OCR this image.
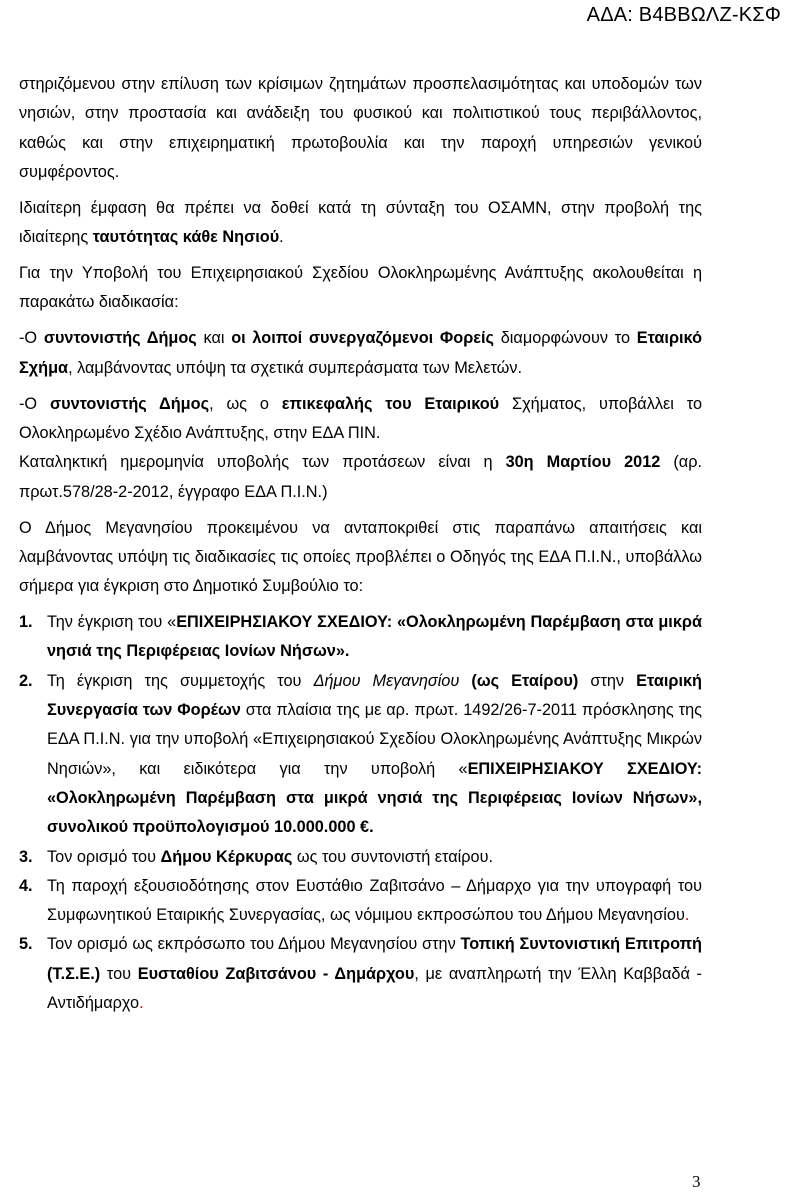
ΑΔΑ: Β4ΒΒΩΛΖ-ΚΣΦ

στηριζόμενου στην επίλυση των κρίσιμων ζητημάτων προσπελασιμότητας και υποδομών των νησιών, στην προστασία και ανάδειξη του φυσικού και πολιτιστικού τους περιβάλλοντος, καθώς και στην επιχειρηματική πρωτοβουλία και την παροχή υπηρεσιών γενικού συμφέροντος.

Ιδιαίτερη έμφαση θα πρέπει να δοθεί κατά τη σύνταξη του ΟΣΑΜΝ, στην προβολή της ιδιαίτερης ταυτότητας κάθε Νησιού.

Για την Υποβολή του Επιχειρησιακού Σχεδίου Ολοκληρωμένης Ανάπτυξης ακολουθείται η παρακάτω διαδικασία:

-Ο συντονιστής Δήμος και οι λοιποί συνεργαζόμενοι Φορείς διαμορφώνουν το Εταιρικό Σχήμα, λαμβάνοντας υπόψη τα σχετικά συμπεράσματα των Μελετών.

-Ο συντονιστής Δήμος, ως ο επικεφαλής του Εταιρικού Σχήματος, υποβάλλει το Ολοκληρωμένο Σχέδιο Ανάπτυξης, στην ΕΔΑ ΠΙΝ.

Καταληκτική ημερομηνία υποβολής των προτάσεων είναι η 30η Μαρτίου 2012 (αρ. πρωτ.578/28-2-2012, έγγραφο ΕΔΑ Π.Ι.Ν.)

Ο Δήμος Μεγανησίου προκειμένου να ανταποκριθεί στις παραπάνω απαιτήσεις και λαμβάνοντας υπόψη τις διαδικασίες τις οποίες προβλέπει ο Οδηγός της ΕΔΑ Π.Ι.Ν., υποβάλλω σήμερα για έγκριση στο Δημοτικό Συμβούλιο το:

1. Την έγκριση του «ΕΠΙΧΕΙΡΗΣΙΑΚΟΥ ΣΧΕΔΙΟΥ: «Ολοκληρωμένη Παρέμβαση στα μικρά νησιά της Περιφέρειας Ιονίων Νήσων».
2. Τη έγκριση της συμμετοχής του Δήμου Μεγανησίου (ως Εταίρου) στην Εταιρική Συνεργασία των Φορέων στα πλαίσια της με αρ. πρωτ. 1492/26-7-2011 πρόσκλησης της ΕΔΑ Π.Ι.Ν. για την υποβολή «Επιχειρησιακού Σχεδίου Ολοκληρωμένης Ανάπτυξης Μικρών Νησιών», και ειδικότερα για την υποβολή «ΕΠΙΧΕΙΡΗΣΙΑΚΟΥ ΣΧΕΔΙΟΥ: «Ολοκληρωμένη Παρέμβαση στα μικρά νησιά της Περιφέρειας Ιονίων Νήσων», συνολικού προϋπολογισμού 10.000.000 €.
3. Τον ορισμό του Δήμου Κέρκυρας ως του συντονιστή εταίρου.
4. Τη παροχή εξουσιοδότησης στον Ευστάθιο Ζαβιτσάνο – Δήμαρχο για την υπογραφή του Συμφωνητικού Εταιρικής Συνεργασίας, ως νόμιμου εκπροσώπου του Δήμου Μεγανησίου.
5. Τον ορισμό ως εκπρόσωπο του Δήμου Μεγανησίου στην Τοπική Συντονιστική Επιτροπή (Τ.Σ.Ε.) του Ευσταθίου Ζαβιτσάνου - Δημάρχου, με αναπληρωτή την Έλλη Καββαδά - Αντιδήμαρχο.
3
